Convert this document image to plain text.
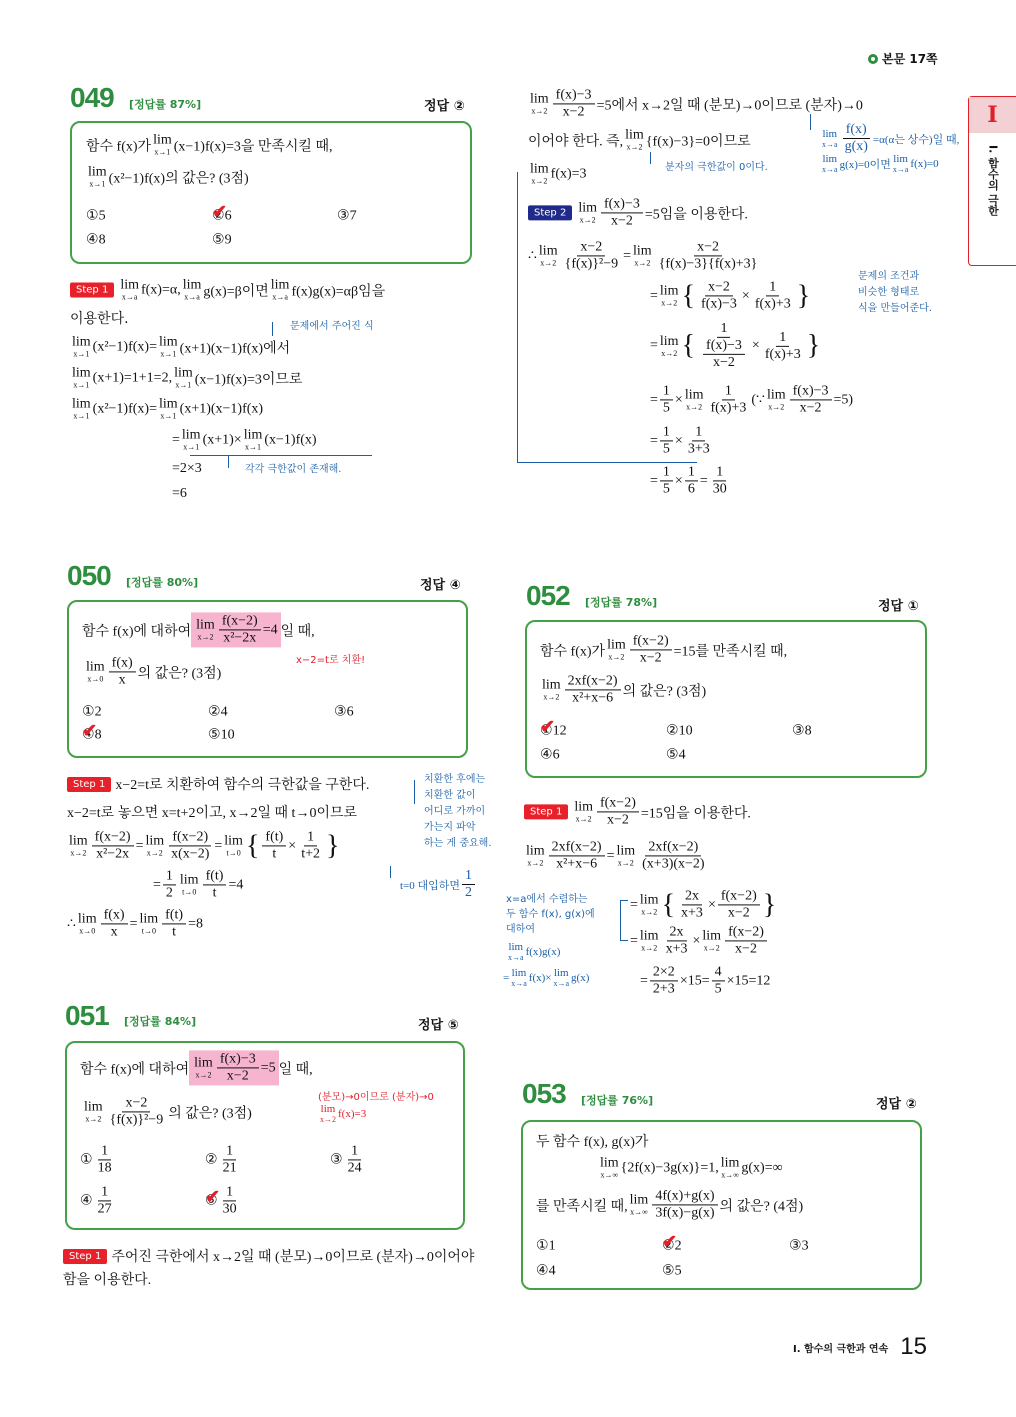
본문 17쪽
I
I. 함수의 극한
I. 함수의 극한과 연속 15
049 [정답률 87%]	정답 ②
함수 f(x)가 lim
x→1 (x−1)f(x)=3을 만족시킬 때,
lim
x→1 (x²−1)f(x)의 값은? (3점)
① 5	② ✔ 6	③ 7
④ 8	⑤ 9
Step 1 lim
x→a f(x)=α, lim
x→a g(x)=β이면 lim
x→a f(x)g(x)=αβ임을
이용한다.	문제에서 주어진 식
lim
x→1 (x²−1)f(x)= lim
x→1 (x+1)(x−1)f(x)에서
lim
x→1 (x+1)=1+1=2, lim
x→1 (x−1)f(x)=3이므로
lim
x→1 (x²−1)f(x)= lim
x→1 (x+1)(x−1)f(x)
= lim
x→1 (x+1)× lim
x→1 (x−1)f(x)
=2×3	각각 극한값이 존재해.
=6
050 [정답률 80%]	정답 ④
함수 f(x)에 대하여 lim
$x\to 2 \frac{f(x-2)}{\text{x²−2x}} =4$ 일 때,
x−2=t로 치환!
lim
$x\to 0 \frac{f(x)}{x}$ 의 값은? (3점)
① 2	② 4	③ 6
④ ✔ 8	⑤ 10
Step 1 x−2=t로 치환하여 함수의 극한값을 구한다.
x−2=t로 놓으면 x=t+2이고, x→2일 때 t→0이므로
lim
$x\to 2 \frac{f(x-2)}{\text{x²−2x}} = \lim$
$x\to 2 \frac{f(x-2)}{x(x-2)} = \lim$
t→0 { $\frac{f(t)}{t} \times \frac{1}{t+2}$ }
= $\frac{1}{2}$ lim
$t\to 0 \frac{f(t)}{t} =4$
∴ lim
$x\to 0 \frac{f(x)}{x} = \lim$
$t\to 0 \frac{f(t)}{t} =8$
치환한 후에는
치환한 값이
어디로 가까이
가는지 파악
하는 게 중요해.
t=0 대입하면 $\frac{1}{2}$
051 [정답률 84%]	정답 ⑤
함수 f(x)에 대하여 lim
$x\to 2 \frac{f(x)-3}{x-2} =5$ 일 때,
(분모)→0이므로 (분자)→0
lim
x→2 f(x)=3
lim
$x\to 2 \frac{x-2}{\text{\{f(x)\}²−9}}$ 의 값은? (3점)
① $\frac{1}{18}$	② $\frac{1}{21}$	③ $\frac{1}{24}$
④ $\frac{1}{27}$	⑤ ✔ $\frac{1}{30}$
Step 1 주어진 극한에서 x→2일 때 (분모)→0이므로 (분자)→0이어야
함을 이용한다.
lim
$x\to 2 \frac{f(x)-3}{x-2} =5$에서 x→2일 때 (분모)→0이므로 (분자)→0
이어야 한다. 즉, lim
x→2 {f(x)−3}=0이므로
lim
$x\to a \frac{f(x)}{g(x)} =\alpha(\alpha$는 상수)일 때,
lim
x→a g(x)=0이면 lim
x→a f(x)=0
분자의 극한값이 0이다.
lim
x→2 f(x)=3
Step 2 lim
$x\to 2 \frac{f(x)-3}{x-2} =5$임을 이용한다.
∴ lim
$x\to 2 \frac{x-2}{\text{\{f(x)\}²−9}} = \lim$
$x\to 2 \frac{x-2}{\{f(x)-3\}\{f(x)+3\}}$
= lim
x→2 { $\frac{x-2}{f(x)-3} \times \frac{1}{f(x)+3}$ }
문제의 조건과
비슷한 형태로
식을 만들어준다.
= lim
x→2 { $\frac{1}{\frac{f(x)-3}{x-2}} \times \frac{1}{f(x)+3}$ }
= $\frac{1}{5} \times \lim$
$x\to 2 \frac{1}{f(x)+3}$ (∵ lim
$x\to 2 \frac{f(x)-3}{x-2} =5$)
= $\frac{1}{5} \times \frac{1}{3+3}$
= $\frac{1}{5} \times \frac{1}{6} = \frac{1}{30}$
052 [정답률 78%]	정답 ①
함수 f(x)가 lim
$x\to 2 \frac{f(x-2)}{x-2} =15$를 만족시킬 때,
lim
$x\to 2 \frac{2xf(x-2)}{\text{x²+x−6}}$ 의 값은? (3점)
① ✔ 12	② 10	③ 8
④ 6	⑤ 4
Step 1 lim
$x\to 2 \frac{f(x-2)}{x-2} =15$임을 이용한다.
lim
$x\to 2 \frac{2xf(x-2)}{\text{x²+x−6}} = \lim$
$x\to 2 \frac{2xf(x-2)}{(x+3)(x-2)}$
= lim
x→2 { $\frac{2x}{x+3} \times \frac{f(x-2)}{x-2}$ }
= lim
$x\to 2 \frac{2x}{x+3} \times \lim$
$x\to 2 \frac{f(x-2)}{x-2}$
= $\frac{2\times 2}{2+3} \times 15= \frac{4}{5} \times 15=12$
x=a에서 수렴하는
두 함수 f(x), g(x)에
대하여
lim
x→a f(x)g(x)
= lim
x→a f(x)× lim
x→a g(x)
053 [정답률 76%]	정답 ②
두 함수 f(x), g(x)가
lim
x→∞ {2f(x)−3g(x)}=1, lim
x→∞ g(x)=∞
를 만족시킬 때, lim
$x\to\infty \frac{4f(x)+g(x)}{3f(x)-g(x)}$ 의 값은? (4점)
① 1	② ✔ 2	③ 3
④ 4	⑤ 5
